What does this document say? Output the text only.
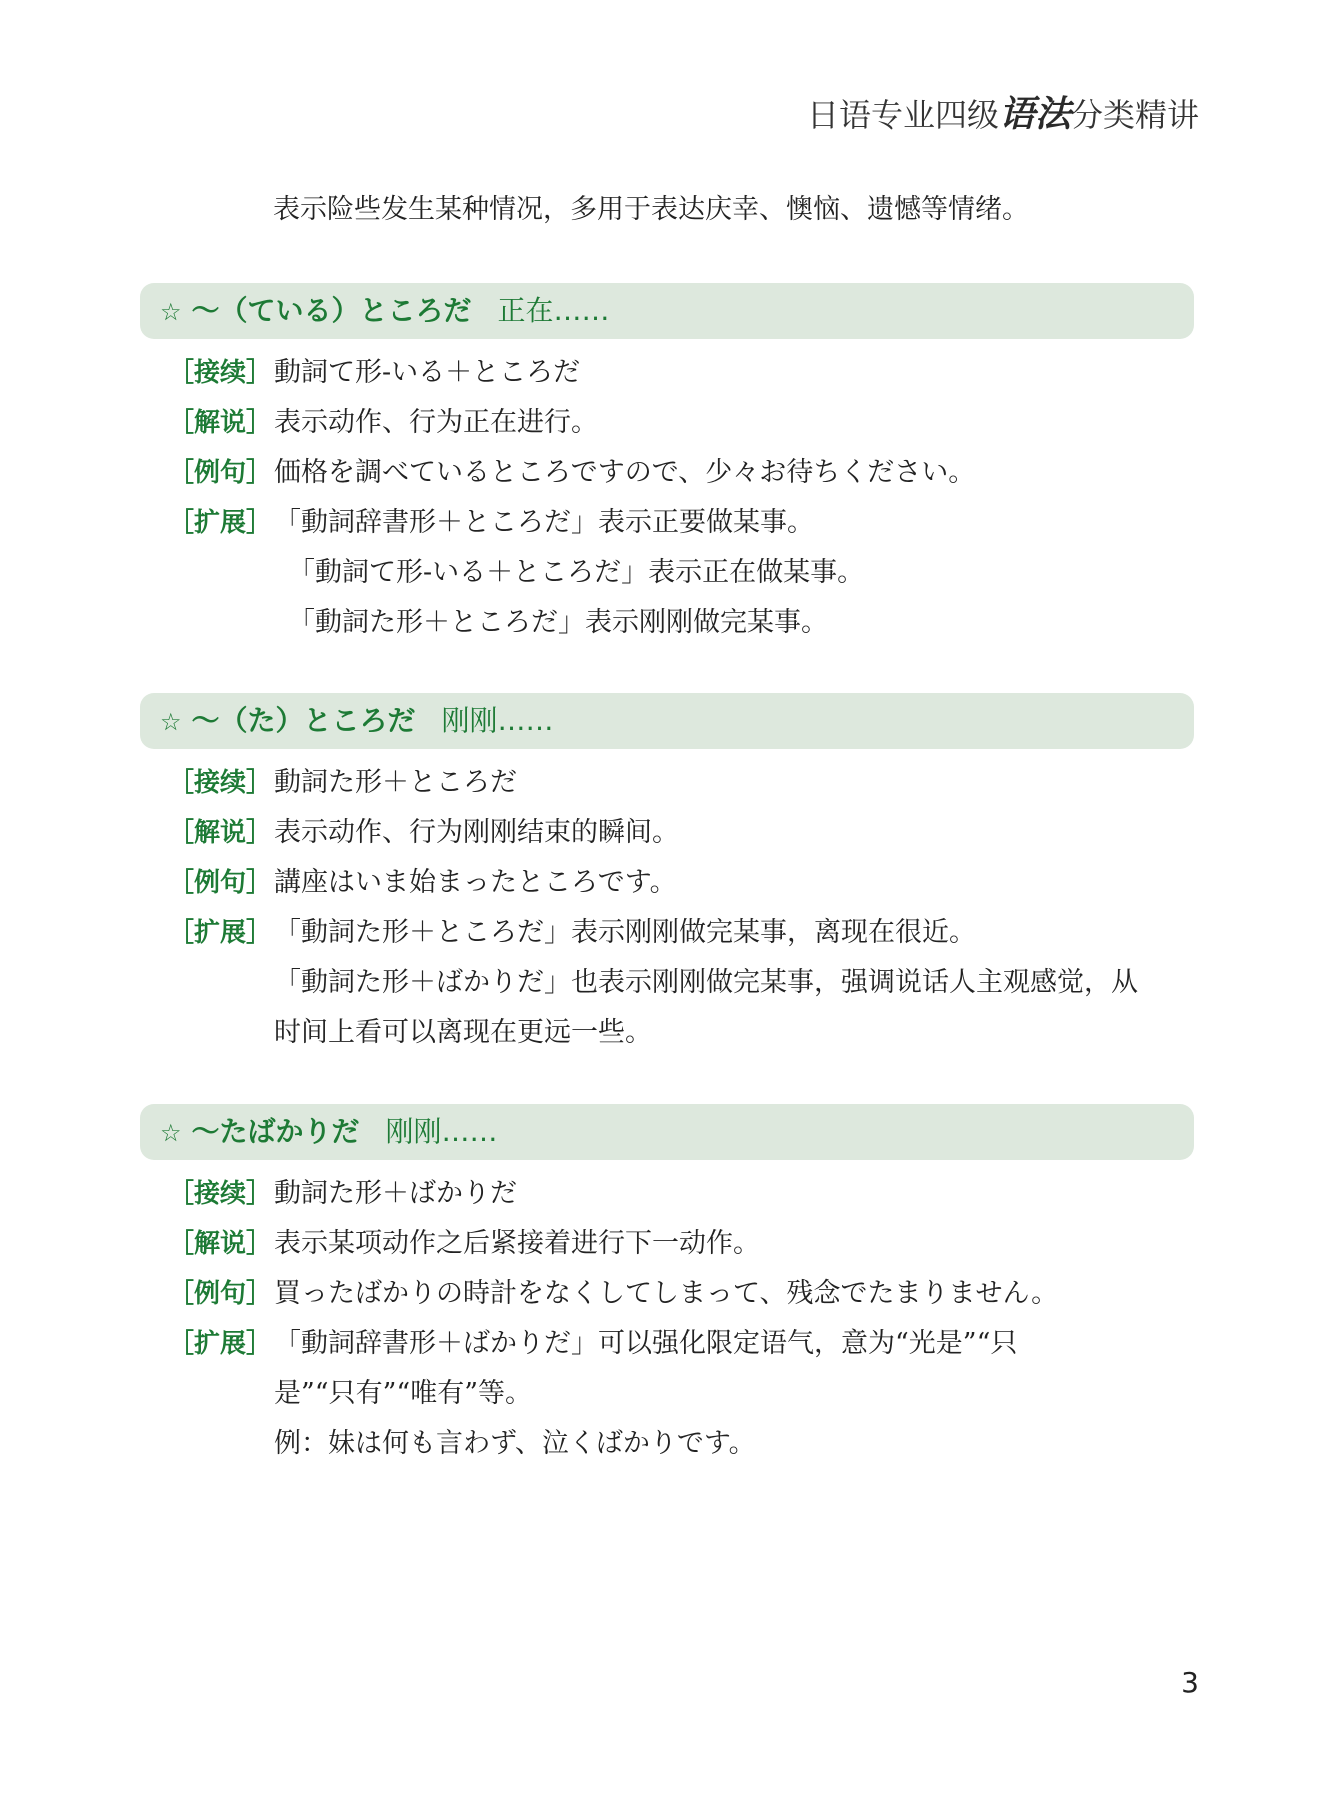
日语专业四级语法分类精讲
表示险些发生某种情况，多用于表达庆幸、懊恼、遗憾等情绪。
☆ ～（ている）ところだ 正在……
［接续］動詞て形-いる＋ところだ
［解说］表示动作、行为正在进行。
［例句］価格を調べているところですので、少々お待ちください。
［扩展］「動詞辞書形＋ところだ」表示正要做某事。
「動詞て形-いる＋ところだ」表示正在做某事。
「動詞た形＋ところだ」表示刚刚做完某事。
☆ ～（た）ところだ 刚刚……
［接续］動詞た形＋ところだ
［解说］表示动作、行为刚刚结束的瞬间。
［例句］講座はいま始まったところです。
［扩展］「動詞た形＋ところだ」表示刚刚做完某事，离现在很近。
「動詞た形＋ばかりだ」也表示刚刚做完某事，强调说话人主观感觉，从
时间上看可以离现在更远一些。
☆ ～たばかりだ 刚刚……
［接续］動詞た形＋ばかりだ
［解说］表示某项动作之后紧接着进行下一动作。
［例句］買ったばかりの時計をなくしてしまって、残念でたまりません。
［扩展］「動詞辞書形＋ばかりだ」可以强化限定语气，意为“光是”“只
是”“只有”“唯有”等。
例：妹は何も言わず、泣くばかりです。
3
